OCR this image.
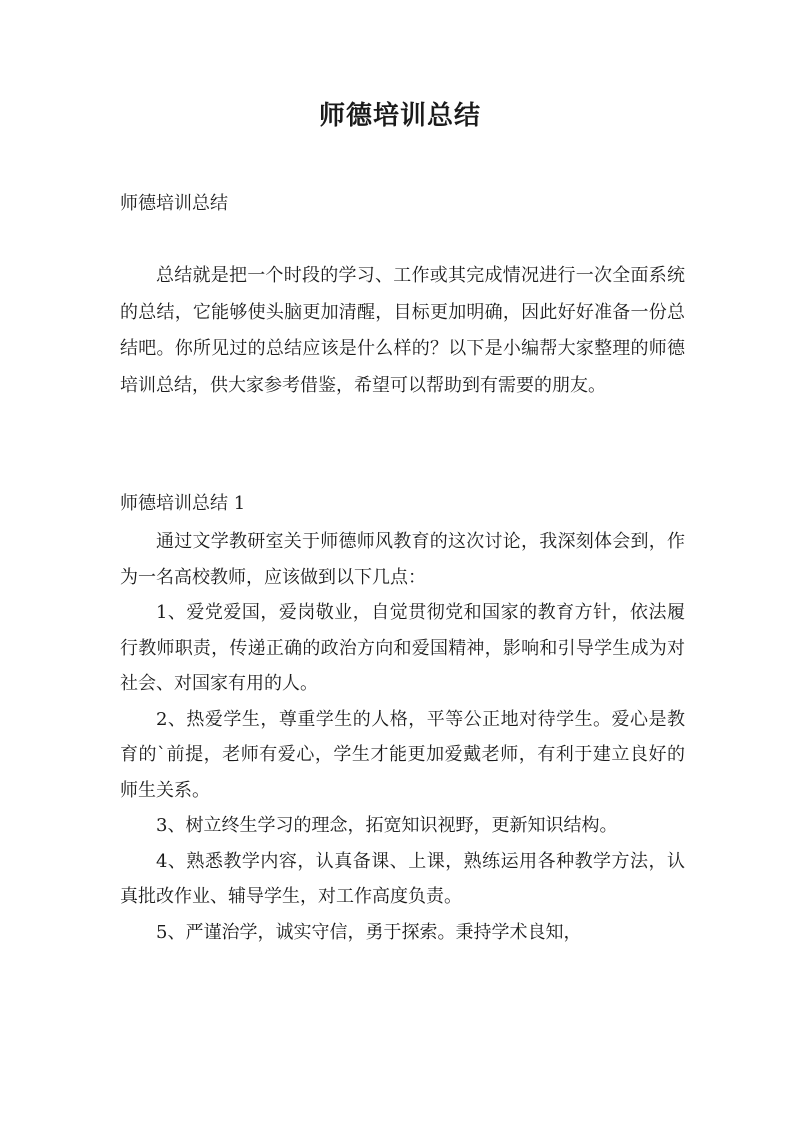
师德培训总结

师德培训总结

总结就是把一个时段的学习、工作或其完成情况进行一次全面系统的总结，它能够使头脑更加清醒，目标更加明确，因此好好准备一份总结吧。你所见过的总结应该是什么样的？以下是小编帮大家整理的师德培训总结，供大家参考借鉴，希望可以帮助到有需要的朋友。

师德培训总结 1

通过文学教研室关于师德师风教育的这次讨论，我深刻体会到，作为一名高校教师，应该做到以下几点：

1、爱党爱国，爱岗敬业，自觉贯彻党和国家的教育方针，依法履行教师职责，传递正确的政治方向和爱国精神，影响和引导学生成为对社会、对国家有用的人。

2、热爱学生，尊重学生的人格，平等公正地对待学生。爱心是教育的`前提，老师有爱心，学生才能更加爱戴老师，有利于建立良好的师生关系。

3、树立终生学习的理念，拓宽知识视野，更新知识结构。

4、熟悉教学内容，认真备课、上课，熟练运用各种教学方法，认真批改作业、辅导学生，对工作高度负责。

5、严谨治学，诚实守信，勇于探索。秉持学术良知，
